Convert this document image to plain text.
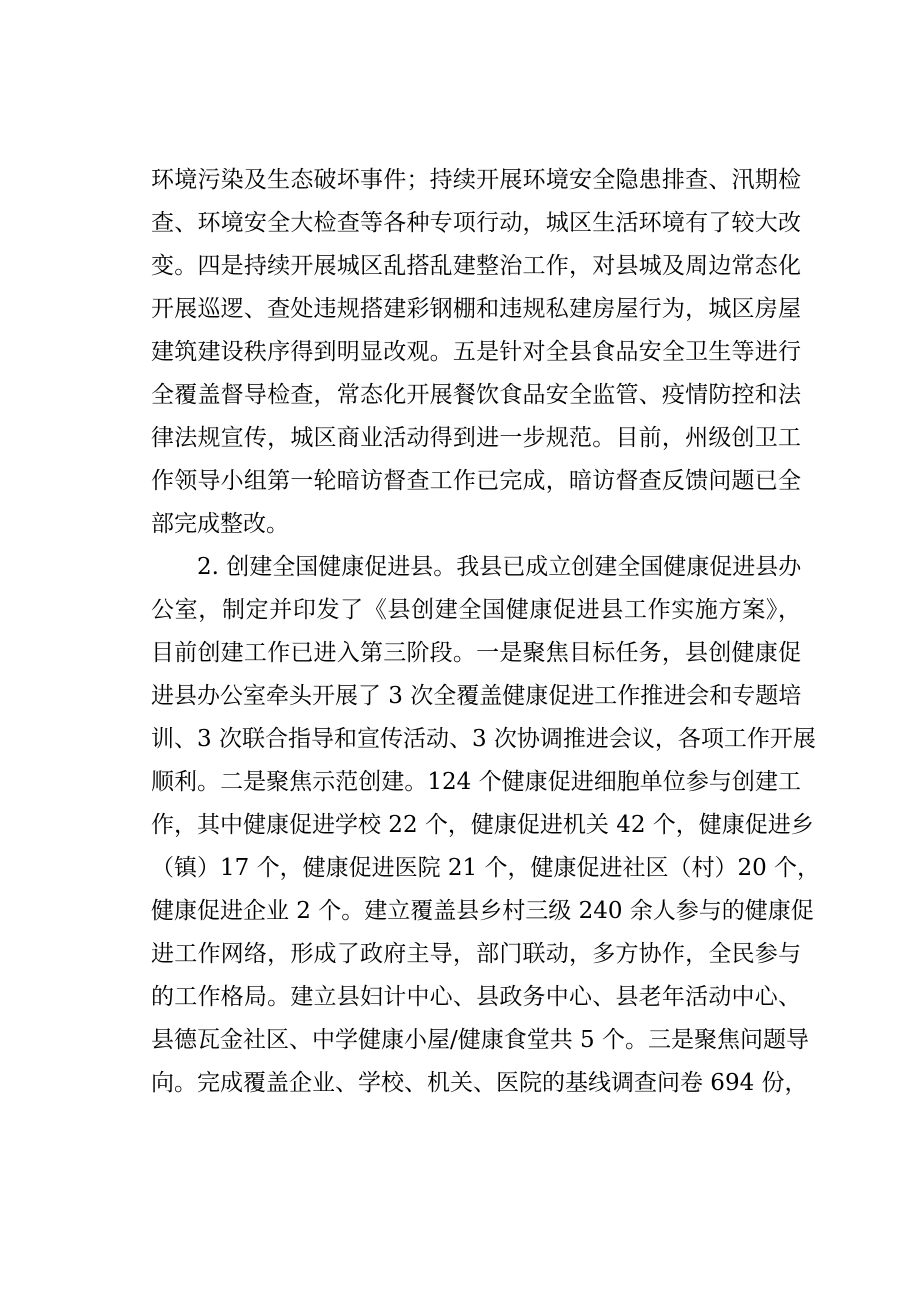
环境污染及生态破坏事件；持续开展环境安全隐患排查、汛期检
查、环境安全大检查等各种专项行动，城区生活环境有了较大改
变。四是持续开展城区乱搭乱建整治工作，对县城及周边常态化
开展巡逻、查处违规搭建彩钢棚和违规私建房屋行为，城区房屋
建筑建设秩序得到明显改观。五是针对全县食品安全卫生等进行
全覆盖督导检查，常态化开展餐饮食品安全监管、疫情防控和法
律法规宣传，城区商业活动得到进一步规范。目前，州级创卫工
作领导小组第一轮暗访督查工作已完成，暗访督查反馈问题已全
部完成整改。
2. 创建全国健康促进县。我县已成立创建全国健康促进县办
公室，制定并印发了《县创建全国健康促进县工作实施方案》，
目前创建工作已进入第三阶段。一是聚焦目标任务，县创健康促
进县办公室牵头开展了 3 次全覆盖健康促进工作推进会和专题培
训、3 次联合指导和宣传活动、3 次协调推进会议，各项工作开展
顺利。二是聚焦示范创建。124 个健康促进细胞单位参与创建工
作，其中健康促进学校 22 个，健康促进机关 42 个，健康促进乡
（镇）17 个，健康促进医院 21 个，健康促进社区（村）20 个，
健康促进企业 2 个。建立覆盖县乡村三级 240 余人参与的健康促
进工作网络，形成了政府主导，部门联动，多方协作，全民参与
的工作格局。建立县妇计中心、县政务中心、县老年活动中心、
县德瓦金社区、中学健康小屋/健康食堂共 5 个。三是聚焦问题导
向。完成覆盖企业、学校、机关、医院的基线调查问卷 694 份，
